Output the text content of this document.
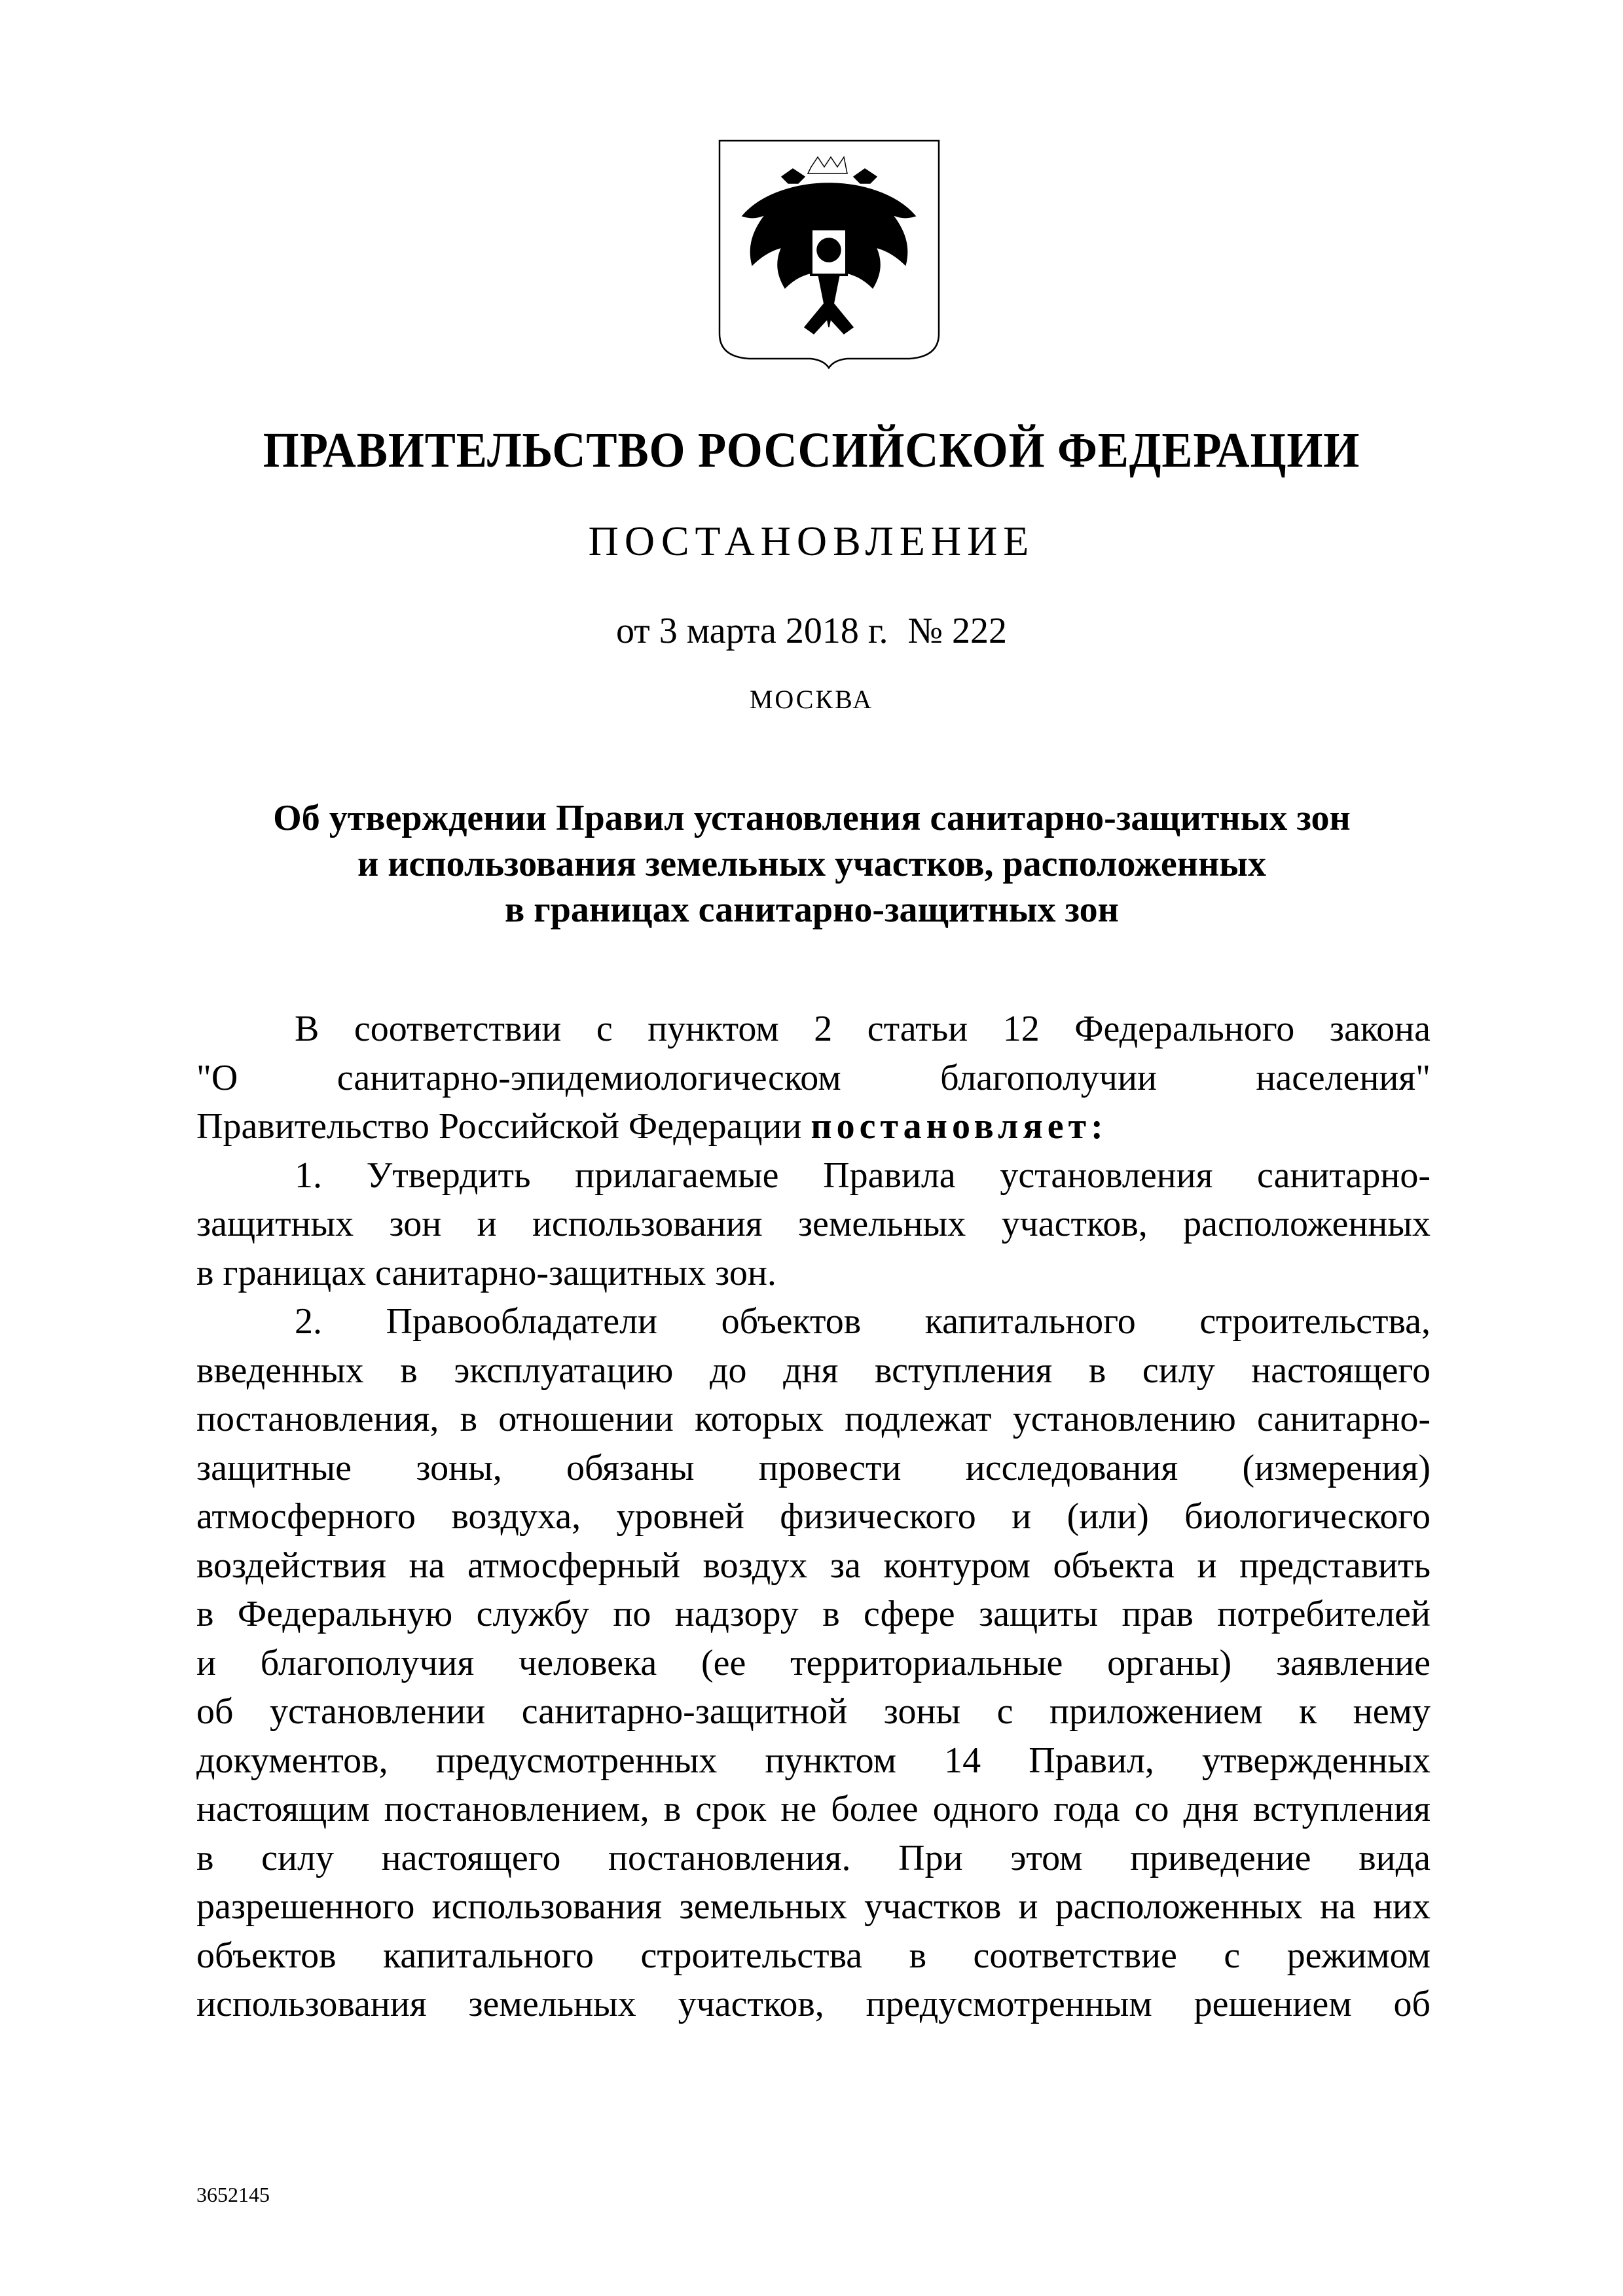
ПРАВИТЕЛЬСТВО РОССИЙСКОЙ ФЕДЕРАЦИИ
ПОСТАНОВЛЕНИЕ
от 3 марта 2018 г. № 222
МОСКВА
Об утверждении Правил установления санитарно-защитных зон
и использования земельных участков, расположенных
в границах санитарно-защитных зон
В соответствии с пунктом 2 статьи 12 Федерального закона
"О санитарно-эпидемиологическом благополучии населения"
Правительство Российской Федерации постановляет:
1. Утвердить прилагаемые Правила установления санитарно-
защитных зон и использования земельных участков, расположенных
в границах санитарно-защитных зон.
2. Правообладатели объектов капитального строительства,
введенных в эксплуатацию до дня вступления в силу настоящего
постановления, в отношении которых подлежат установлению санитарно-
защитные зоны, обязаны провести исследования (измерения)
атмосферного воздуха, уровней физического и (или) биологического
воздействия на атмосферный воздух за контуром объекта и представить
в Федеральную службу по надзору в сфере защиты прав потребителей
и благополучия человека (ее территориальные органы) заявление
об установлении санитарно-защитной зоны с приложением к нему
документов, предусмотренных пунктом 14 Правил, утвержденных
настоящим постановлением, в срок не более одного года со дня вступления
в силу настоящего постановления. При этом приведение вида
разрешенного использования земельных участков и расположенных на них
объектов капитального строительства в соответствие с режимом
использования земельных участков, предусмотренным решением об
3652145
